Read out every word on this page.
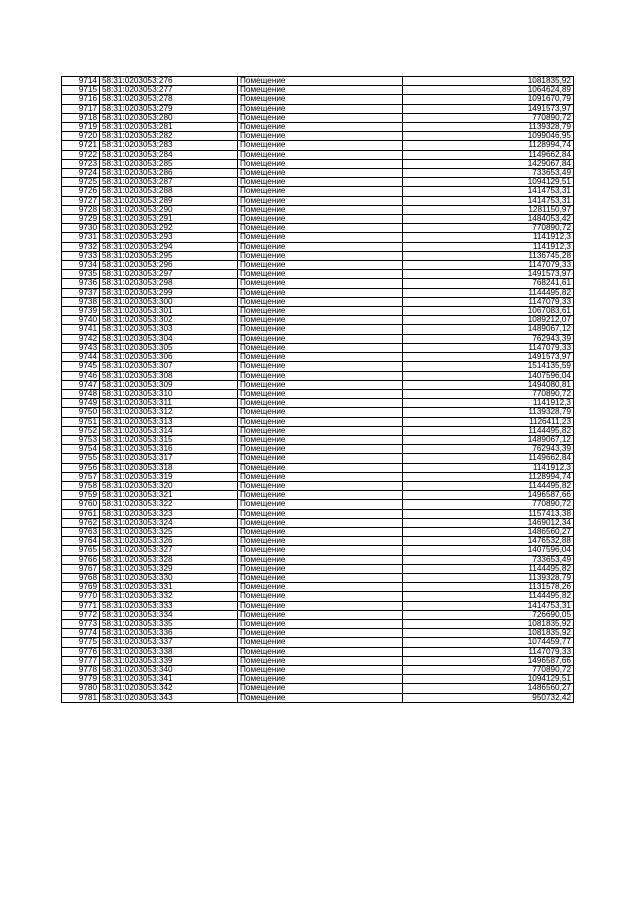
9714	58:31:0203053:276	Помещение	1081835,92
9715	58:31:0203053:277	Помещение	1064624,89
9716	58:31:0203053:278	Помещение	1091670,79
9717	58:31:0203053:279	Помещение	1491573,97
9718	58:31:0203053:280	Помещение	770890,72
9719	58:31:0203053:281	Помещение	1139328,79
9720	58:31:0203053:282	Помещение	1099046,95
9721	58:31:0203053:283	Помещение	1128994,74
9722	58:31:0203053:284	Помещение	1149662,84
9723	58:31:0203053:285	Помещение	1429067,84
9724	58:31:0203053:286	Помещение	733653,49
9725	58:31:0203053:287	Помещение	1094129,51
9726	58:31:0203053:288	Помещение	1414753,31
9727	58:31:0203053:289	Помещение	1414753,31
9728	58:31:0203053:290	Помещение	1281150,97
9729	58:31:0203053:291	Помещение	1484053,42
9730	58:31:0203053:292	Помещение	770890,72
9731	58:31:0203053:293	Помещение	1141912,3
9732	58:31:0203053:294	Помещение	1141912,3
9733	58:31:0203053:295	Помещение	1136745,28
9734	58:31:0203053:296	Помещение	1147079,33
9735	58:31:0203053:297	Помещение	1491573,97
9736	58:31:0203053:298	Помещение	768241,61
9737	58:31:0203053:299	Помещение	1144495,82
9738	58:31:0203053:300	Помещение	1147079,33
9739	58:31:0203053:301	Помещение	1067083,61
9740	58:31:0203053:302	Помещение	1089212,07
9741	58:31:0203053:303	Помещение	1489067,12
9742	58:31:0203053:304	Помещение	762943,39
9743	58:31:0203053:305	Помещение	1147079,33
9744	58:31:0203053:306	Помещение	1491573,97
9745	58:31:0203053:307	Помещение	1514135,59
9746	58:31:0203053:308	Помещение	1407596,04
9747	58:31:0203053:309	Помещение	1494080,81
9748	58:31:0203053:310	Помещение	770890,72
9749	58:31:0203053:311	Помещение	1141912,3
9750	58:31:0203053:312	Помещение	1139328,79
9751	58:31:0203053:313	Помещение	1126411,23
9752	58:31:0203053:314	Помещение	1144495,82
9753	58:31:0203053:315	Помещение	1489067,12
9754	58:31:0203053:316	Помещение	762943,39
9755	58:31:0203053:317	Помещение	1149662,84
9756	58:31:0203053:318	Помещение	1141912,3
9757	58:31:0203053:319	Помещение	1128994,74
9758	58:31:0203053:320	Помещение	1144495,82
9759	58:31:0203053:321	Помещение	1496587,66
9760	58:31:0203053:322	Помещение	770890,72
9761	58:31:0203053:323	Помещение	1157413,38
9762	58:31:0203053:324	Помещение	1469012,34
9763	58:31:0203053:325	Помещение	1486560,27
9764	58:31:0203053:326	Помещение	1476532,88
9765	58:31:0203053:327	Помещение	1407596,04
9766	58:31:0203053:328	Помещение	733653,49
9767	58:31:0203053:329	Помещение	1144495,82
9768	58:31:0203053:330	Помещение	1139328,79
9769	58:31:0203053:331	Помещение	1131578,26
9770	58:31:0203053:332	Помещение	1144495,82
9771	58:31:0203053:333	Помещение	1414753,31
9772	58:31:0203053:334	Помещение	726690,05
9773	58:31:0203053:335	Помещение	1081835,92
9774	58:31:0203053:336	Помещение	1081835,92
9775	58:31:0203053:337	Помещение	1074459,77
9776	58:31:0203053:338	Помещение	1147079,33
9777	58:31:0203053:339	Помещение	1496587,66
9778	58:31:0203053:340	Помещение	770890,72
9779	58:31:0203053:341	Помещение	1094129,51
9780	58:31:0203053:342	Помещение	1486560,27
9781	58:31:0203053:343	Помещение	950732,42
